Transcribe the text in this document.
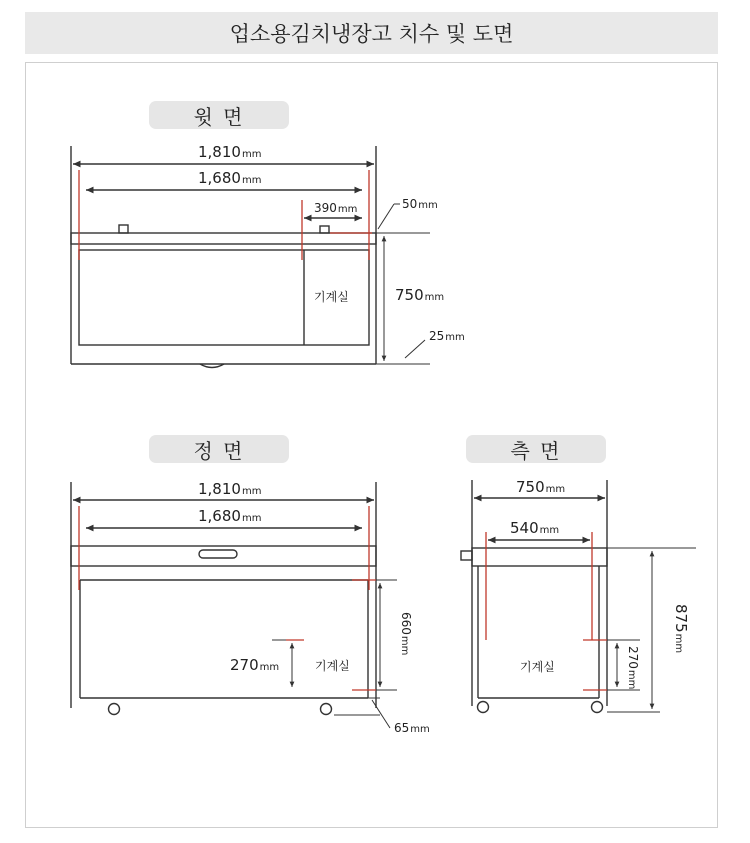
업소용김치냉장고 치수 및 도면
윗 면
정 면	측 면
1,810mm
1,680mm
390mm	50mm
750mm
25mm
기계실
1,810mm
1,680mm
660mm
270mm
65mm
기계실
750mm
540mm
875mm
270mm
기계실
